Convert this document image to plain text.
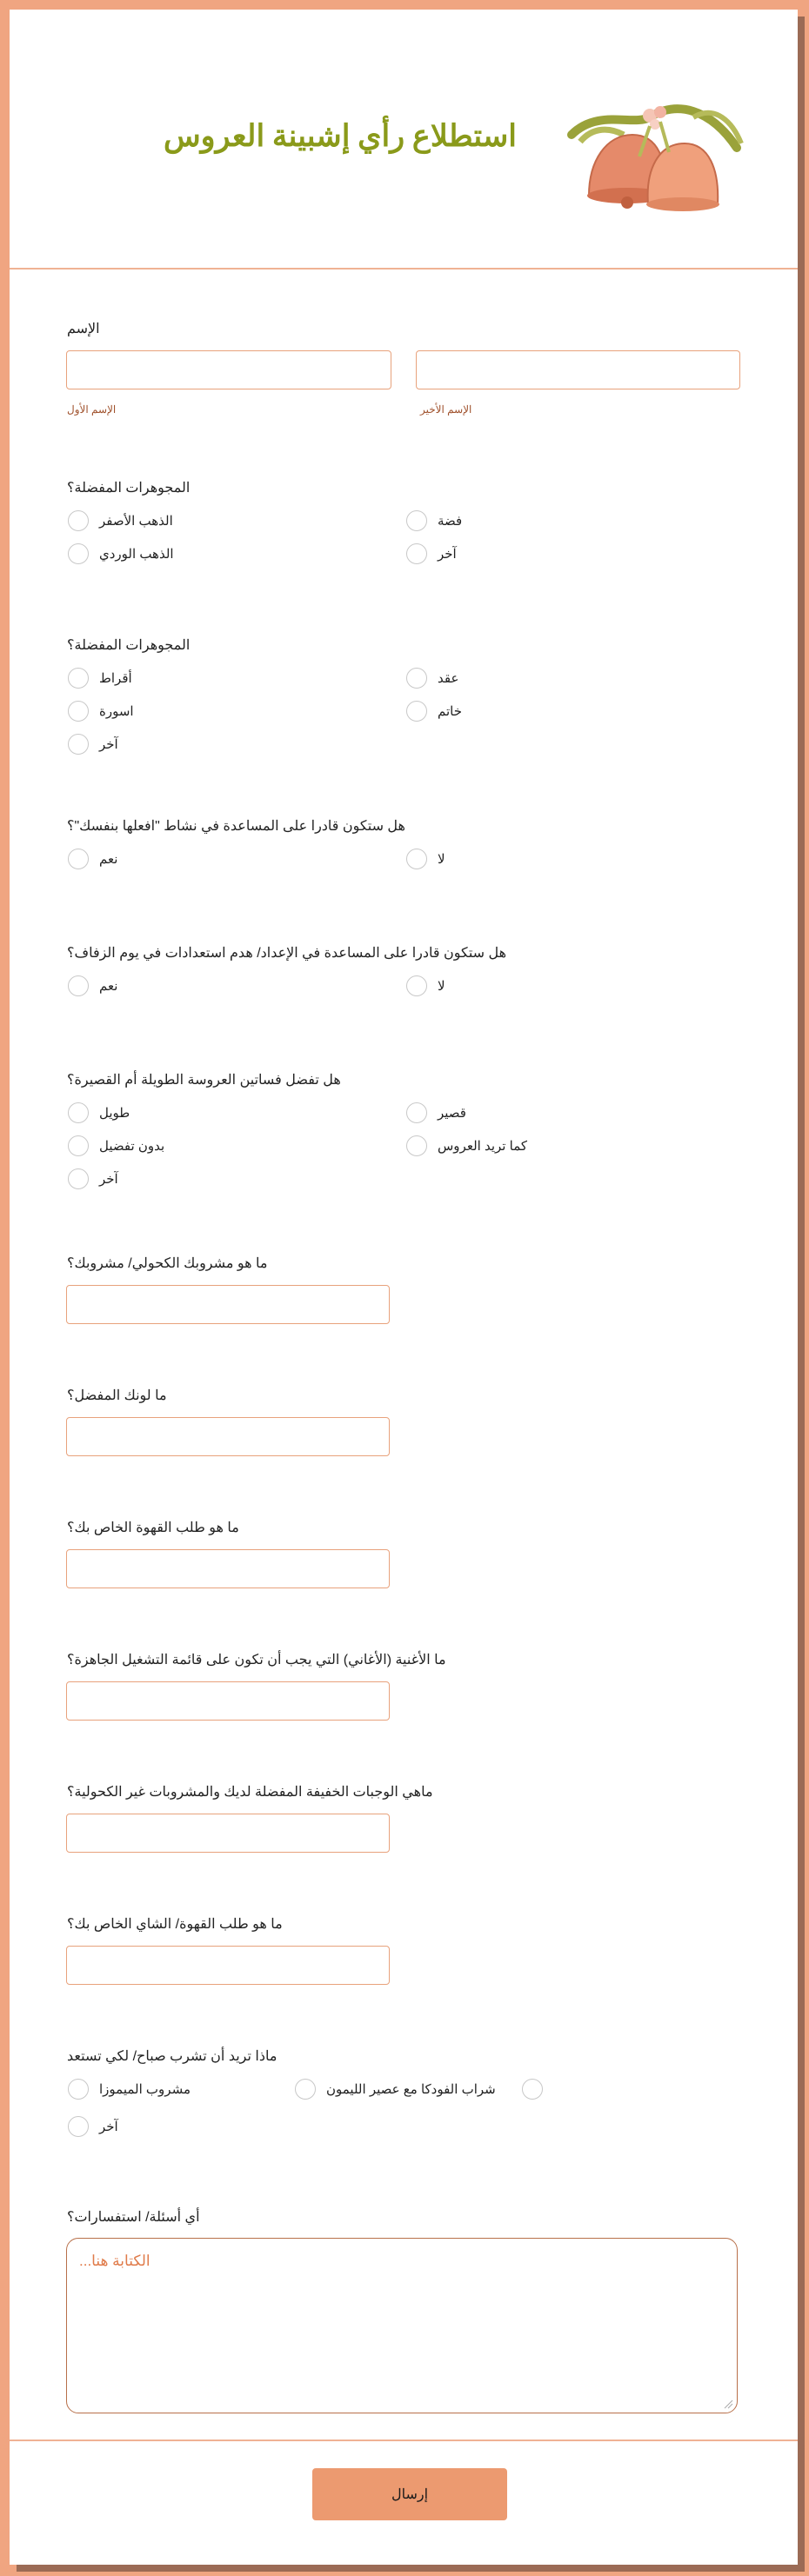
استطلاع رأي إشبينة العروس
الإسم
الإسم الأول	الإسم الأخير
المجوهرات المفضلة؟
الذهب الأصفر	فضة
الذهب الوردي	آخر
المجوهرات المفضلة؟
أقراط	عقد
اسورة	خاتم
آخر
هل ستكون قادرا على المساعدة في نشاط "افعلها بنفسك"؟
نعم	لا
هل ستكون قادرا على المساعدة في الإعداد/ هدم استعدادات في يوم الزفاف؟
نعم	لا
هل تفضل فساتين العروسة الطويلة أم القصيرة؟
طويل	قصير
بدون تفضيل	كما تريد العروس
آخر
ما هو مشروبك الكحولي/ مشروبك؟
ما لونك المفضل؟
ما هو طلب القهوة الخاص بك؟
ما الأغنية (الأغاني) التي يجب أن تكون على قائمة التشغيل الجاهزة؟
ماهي الوجبات الخفيفة المفضلة لديك والمشروبات غير الكحولية؟
ما هو طلب القهوة/ الشاي الخاص بك؟
ماذا تريد أن تشرب صباح/ لكي تستعد
مشروب الميموزا	شراب الفودكا مع عصير الليمون
آخر
أي أسئلة/ استفسارات؟
الكتابة هنا...
إرسال
